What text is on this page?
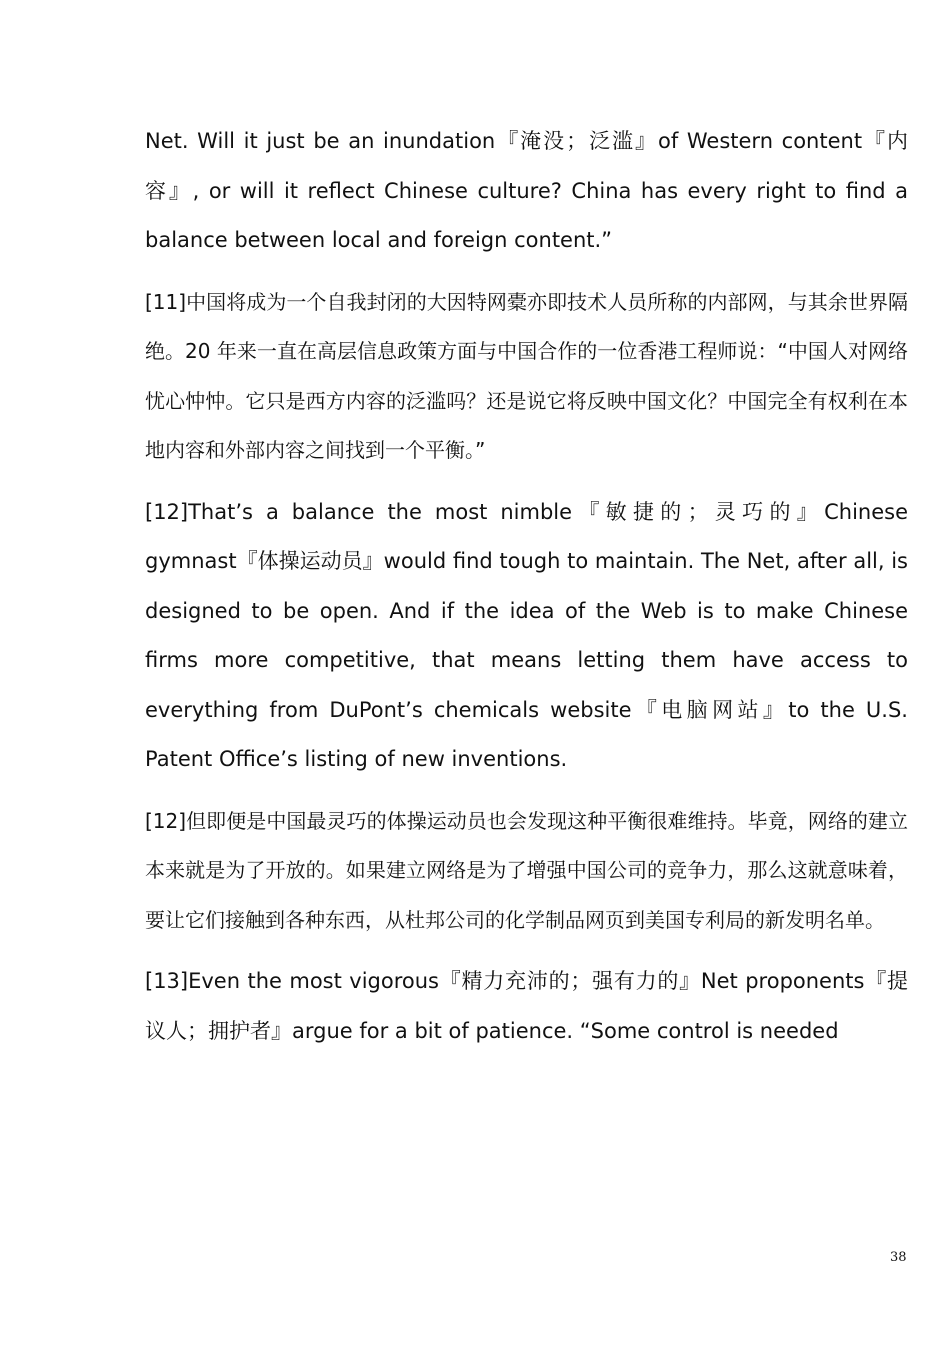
Net. Will it just be an inundation『淹没；泛滥』of Western content『内容』, or will it reflect Chinese culture? China has every right to find a balance between local and foreign content.”

[11]中国将成为一个自我封闭的大因特网橐亦即技术人员所称的内部网，与其余世界隔绝。20 年来一直在高层信息政策方面与中国合作的一位香港工程师说：“中国人对网络忧心忡忡。它只是西方内容的泛滥吗？还是说它将反映中国文化？中国完全有权利在本地内容和外部内容之间找到一个平衡。”

[12]That’s a balance the most nimble『敏捷的；灵巧的』Chinese gymnast『体操运动员』would find tough to maintain. The Net, after all, is designed to be open. And if the idea of the Web is to make Chinese firms more competitive, that means letting them have access to everything from DuPont’s chemicals website『电脑网站』to the U.S. Patent Office’s listing of new inventions.

[12]但即便是中国最灵巧的体操运动员也会发现这种平衡很难维持。毕竟，网络的建立本来就是为了开放的。如果建立网络是为了增强中国公司的竞争力，那么这就意味着，要让它们接触到各种东西，从杜邦公司的化学制品网页到美国专利局的新发明名单。

[13]Even the most vigorous『精力充沛的；强有力的』Net proponents『提议人；拥护者』argue for a bit of patience. “Some control is needed

38
